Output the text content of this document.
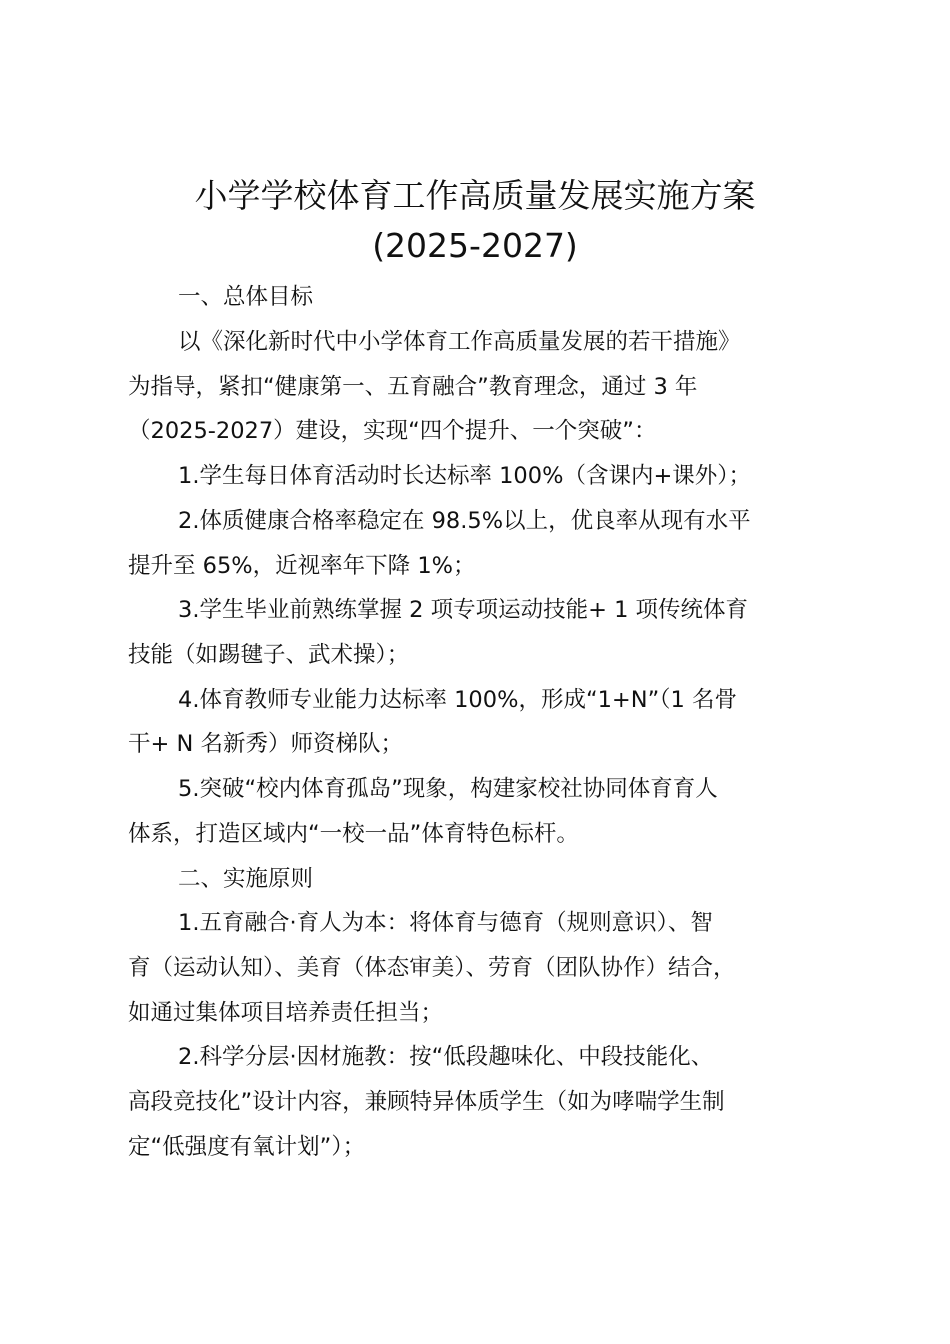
小学学校体育工作高质量发展实施方案
(2025-2027)
一、总体目标
以《深化新时代中小学体育工作高质量发展的若干措施》
为指导，紧扣“健康第一、五育融合”教育理念，通过 3 年
（2025-2027）建设，实现“四个提升、一个突破”：
1.学生每日体育活动时长达标率 100%（含课内+课外）；
2.体质健康合格率稳定在 98.5%以上，优良率从现有水平
提升至 65%，近视率年下降 1%；
3.学生毕业前熟练掌握 2 项专项运动技能+ 1 项传统体育
技能（如踢毽子、武术操）；
4.体育教师专业能力达标率 100%，形成“1+N”（1 名骨
干+ N 名新秀）师资梯队；
5.突破“校内体育孤岛”现象，构建家校社协同体育育人
体系，打造区域内“一校一品”体育特色标杆。
二、实施原则
1.五育融合·育人为本：将体育与德育（规则意识）、智
育（运动认知）、美育（体态审美）、劳育（团队协作）结合，
如通过集体项目培养责任担当；
2.科学分层·因材施教：按“低段趣味化、中段技能化、
高段竞技化”设计内容，兼顾特异体质学生（如为哮喘学生制
定“低强度有氧计划”）；
